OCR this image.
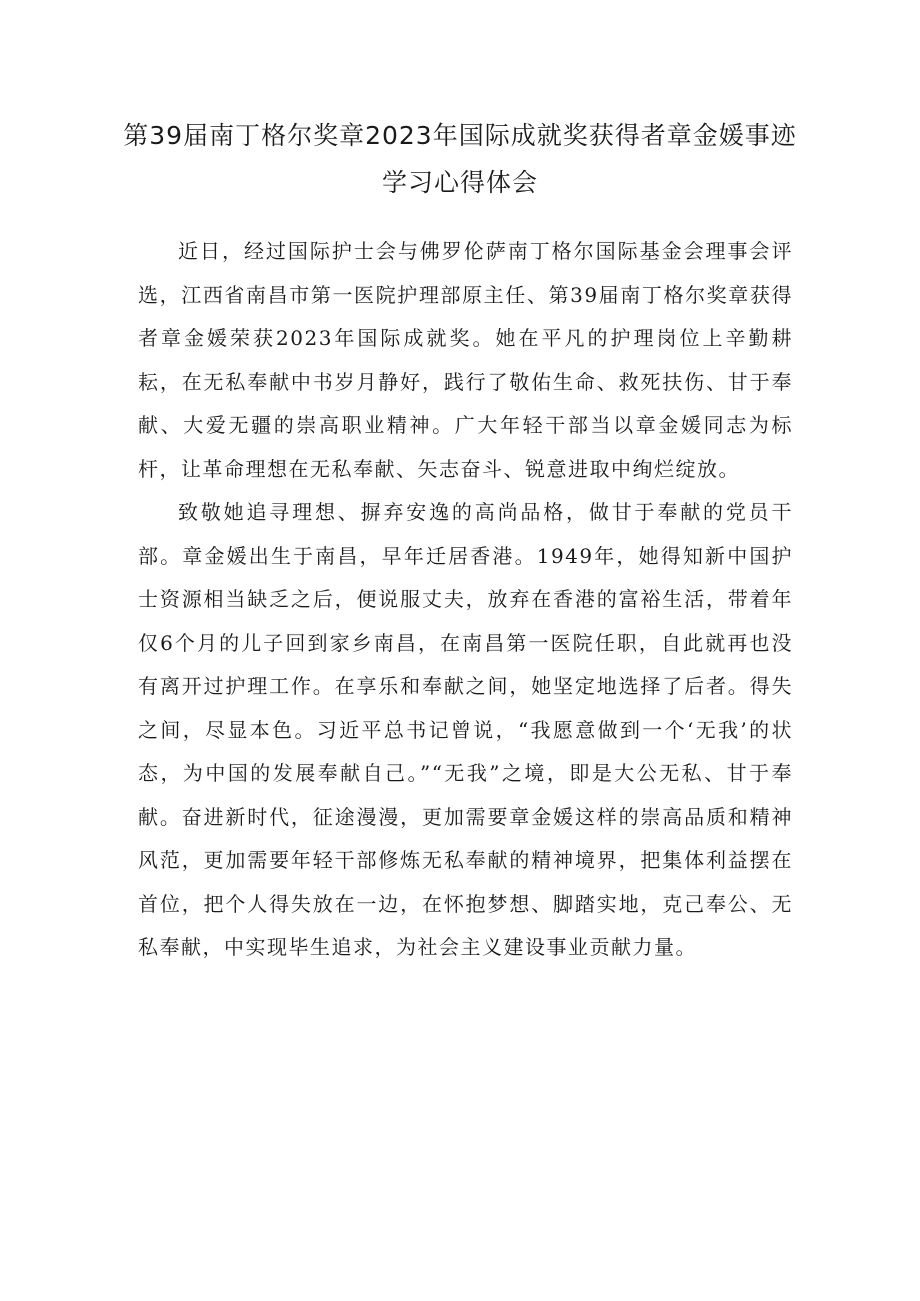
第39届南丁格尔奖章2023年国际成就奖获得者章金媛事迹学习心得体会

近日，经过国际护士会与佛罗伦萨南丁格尔国际基金会理事会评选，江西省南昌市第一医院护理部原主任、第39届南丁格尔奖章获得者章金媛荣获2023年国际成就奖。她在平凡的护理岗位上辛勤耕耘，在无私奉献中书岁月静好，践行了敬佑生命、救死扶伤、甘于奉献、大爱无疆的崇高职业精神。广大年轻干部当以章金媛同志为标杆，让革命理想在无私奉献、矢志奋斗、锐意进取中绚烂绽放。

致敬她追寻理想、摒弃安逸的高尚品格，做甘于奉献的党员干部。章金媛出生于南昌，早年迁居香港。1949年，她得知新中国护士资源相当缺乏之后，便说服丈夫，放弃在香港的富裕生活，带着年仅6个月的儿子回到家乡南昌，在南昌第一医院任职，自此就再也没有离开过护理工作。在享乐和奉献之间，她坚定地选择了后者。得失之间，尽显本色。习近平总书记曾说，“我愿意做到一个‘无我’的状态，为中国的发展奉献自己。”“无我”之境，即是大公无私、甘于奉献。奋进新时代，征途漫漫，更加需要章金媛这样的崇高品质和精神风范，更加需要年轻干部修炼无私奉献的精神境界，把集体利益摆在首位，把个人得失放在一边，在怀抱梦想、脚踏实地，克己奉公、无私奉献，中实现毕生追求，为社会主义建设事业贡献力量。
